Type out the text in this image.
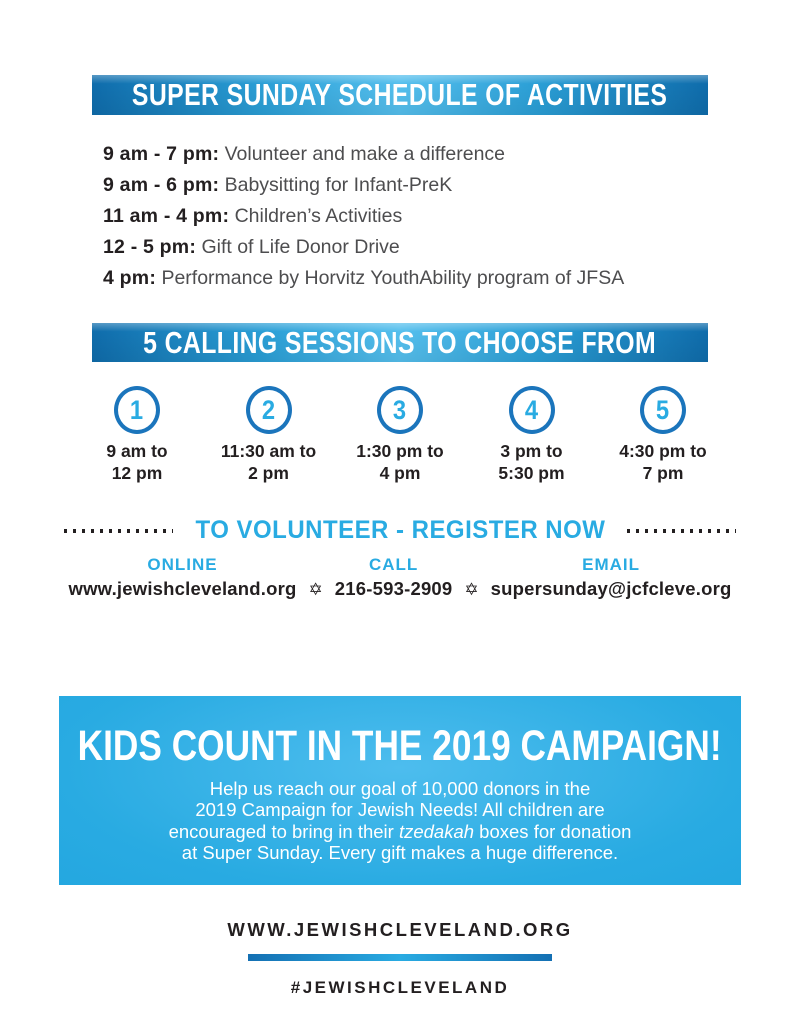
SUPER SUNDAY SCHEDULE OF ACTIVITIES
9 am - 7 pm: Volunteer and make a difference
9 am - 6 pm: Babysitting for Infant-PreK
11 am - 4 pm: Children’s Activities
12 - 5 pm: Gift of Life Donor Drive
4 pm: Performance by Horvitz YouthAbility program of JFSA
5 CALLING SESSIONS TO CHOOSE FROM
1
9 am to
12 pm
2
11:30 am to
2 pm
3
1:30 pm to
4 pm
4
3 pm to
5:30 pm
5
4:30 pm to
7 pm
TO VOLUNTEER - REGISTER NOW
ONLINE
www.jewishcleveland.org ✡
CALL
216-593-2909 ✡
EMAIL
supersunday@jcfcleve.org
KIDS COUNT IN THE 2019 CAMPAIGN!
Help us reach our goal of 10,000 donors in the
2019 Campaign for Jewish Needs! All children are
encouraged to bring in their tzedakah boxes for donation
at Super Sunday. Every gift makes a huge difference.
WWW.JEWISHCLEVELAND.ORG
#JEWISHCLEVELAND
